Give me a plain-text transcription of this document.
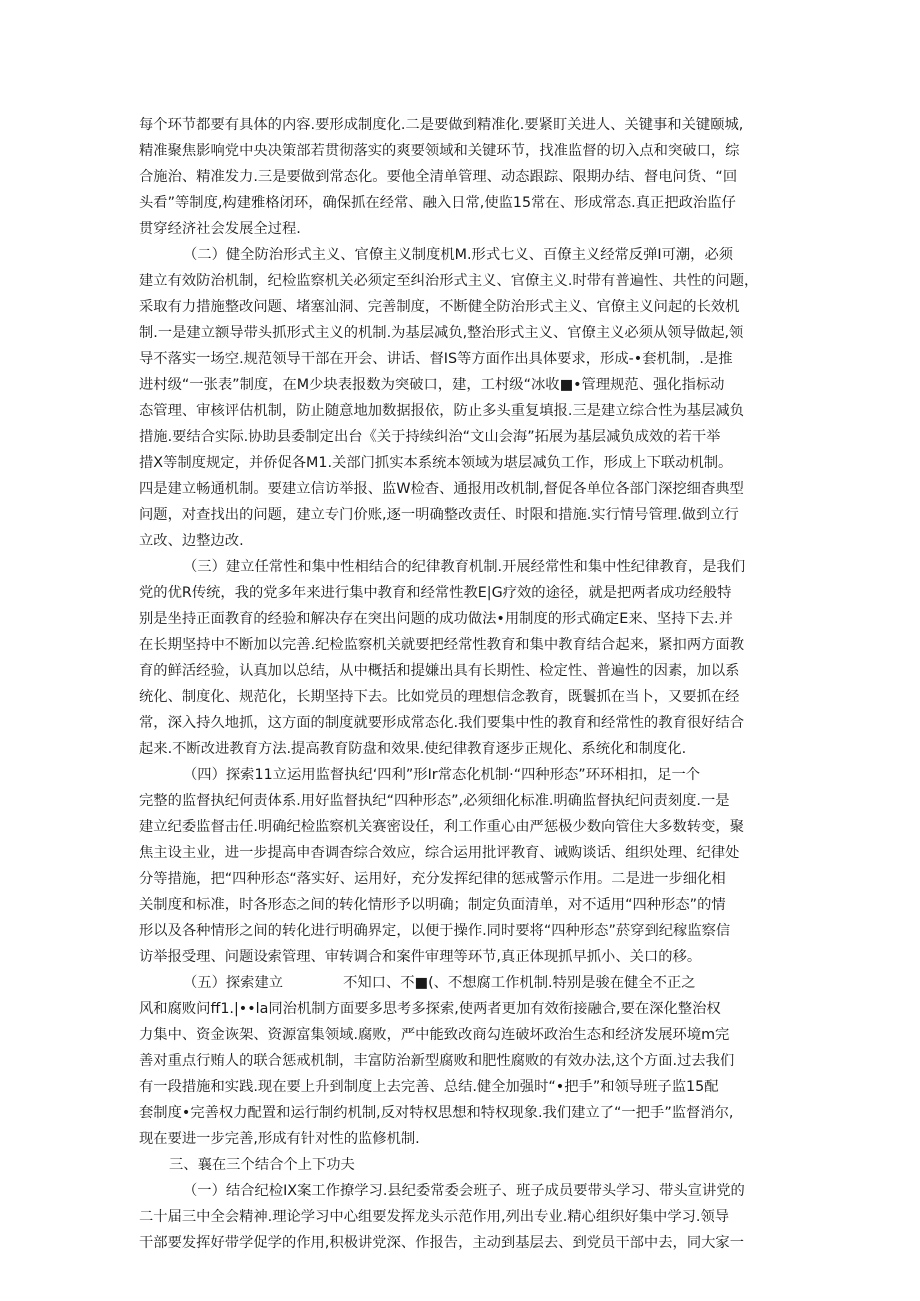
每个环节都要有具体的内容.要形成制度化.二是要做到精准化.要紧盯关进人、关键事和关键颐城,
精准聚焦影响党中央决策部若贯彻落实的爽要领域和关键环节，找准监督的切入点和突破口，综
合施治、精准发力.三是要做到常态化。要他全清单管理、动态跟踪、限期办结、督电问货、“回
头看”等制度,构建雅格闭环，确保抓在经常、融入日常,使监15常在、形成常态.真正把政治监仔
贯穿经济社会发展全过程.
（二）健全防治形式主义、官僚主义制度机M.形式七义、百僚主义经常反弹I可潮，必须
建立有效防治机制，纪检监察机关必须定至纠治形式主义、官僚主义.时带有普遍性、共性的问题，
采取有力措施整改问题、堵塞汕洞、完善制度，不断健全防治形式主义、官僚主义问起的长效机
制.一是建立额导带头抓形式主义的机制.为基层减负,整治形式主义、官僚主义必须从领导做起,领
导不落实一场空.规范领导干部在开会、讲话、督IS等方面作出具体要求，形成-•套机制，.是推
进村级“一张表”制度，在M少块表报数为突破口，建，工村级“冰收■•管理规范、强化指标动
态管理、审核评估机制，防止随意地加数据报依，防止多头重复填报.三是建立综合性为基层减负
措施.要结合实际.协助县委制定出台《关于持续纠治“文山会海”拓展为基层减负成效的若干举
措X等制度规定，并侨促各M1.关部门抓实本系统本领域为堪层减负工作，形成上下联动机制。
四是建立畅通机制。要建立信访举报、监W检杳、通报用改机制,督促各单位各部门深挖细杳典型
问题，对查找出的问题，建立专门价账,逐一明确整改责任、时限和措施.实行情号管理.做到立行
立改、边整边改.
（三）建立任常性和集中性相结合的纪律教育机制.开展经常性和集中性纪律教育，是我们
党的优R传统，我的党多年来进行集中教育和经常性教E|G疗效的途径，就是把两者成功经般特
别是坐持正面教育的经验和解决存在突出问题的成功做法•用制度的形式确定E来、坚持下去.并
在长期坚持中不断加以完善.纪检监察机关就要把经常性教育和集中教育结合起来，紧扣两方面教
育的鲜活经验，认真加以总结，从中概括和提嫌出具有长期性、检定性、普遍性的因素，加以系
统化、制度化、规范化，长期坚持下去。比如党员的理想信念教育，既鬟抓在当卜，又要抓在经
常，深入持久地抓，这方面的制度就要形成常态化.我们要集中性的教育和经常性的教育很好结合
起来.不断改进教育方法.提高教育防盘和效果.使纪律教育逐步正规化、系统化和制度化.
（四）探索11立运用监督执纪‘四利”形Ir常态化机制·“四种形态”环环相扣，足一个
完整的监督执纪何责体系.用好监督执纪“四种形态”,必须细化标准.明确监督执纪问责刻度.一是
建立纪委监督击任.明确纪检监察机关赛密设任，利工作重心由严惩极少数向管住大多数转变，聚
焦主设主业，进一步提高申杳调杳综合效应，综合运用批评教育、诫购谈话、组织处理、纪律处
分等措施，把“四种形态“落实好、运用好，充分发挥纪律的惩戒警示作用。二是进一步细化相
关制度和标准，时各形态之间的转化情形予以明确；制定负面清单，对不适用“四种形态”的情
形以及各种情形之间的转化进行明确界定，以便于操作.同时要将“四种形态”菸穿到纪稼监察信
访举报受理、问题设索管理、审转调合和案件审理等环节,真正体现抓早抓小、关口的移。
（五）探索建立	不知口、不■(、不想腐工作机制.特别是骏在健全不正之
风和腐败问ff1.|••la同治机制方面要多思考多探索,使两者更加有效衔接融合,要在深化整治权
力集中、资金诙架、资源富集领域.腐败，严中能致改商勾连破坏政治生态和经济发展环境m完
善对重点行贿人的联合惩戒机制，丰富防治新型腐败和肥性腐败的有效办法,这个方面.过去我们
有一段措施和实践.现在要上升到制度上去完善、总结.健全加强时“•把手”和领导班子监15配
套制度•完善权力配置和运行制约机制,反对特权思想和特权现象.我们建立了“一把手”监督消尔,
现在要进一步完善,形成有针对性的监修机制.
三、襄在三个结合个上下功夫
（一）结合纪检IX案工作撩学习.县纪委常委会班子、班子成员要带头学习、带头宣讲党的
二十届三中全会精神.理论学习中心组要发挥龙头示范作用,列出专业.精心组织好集中学习.领导
干部要发挥好带学促学的作用,积极讲党深、作报告，主动到基层去、到党员干部中去，同大家一
